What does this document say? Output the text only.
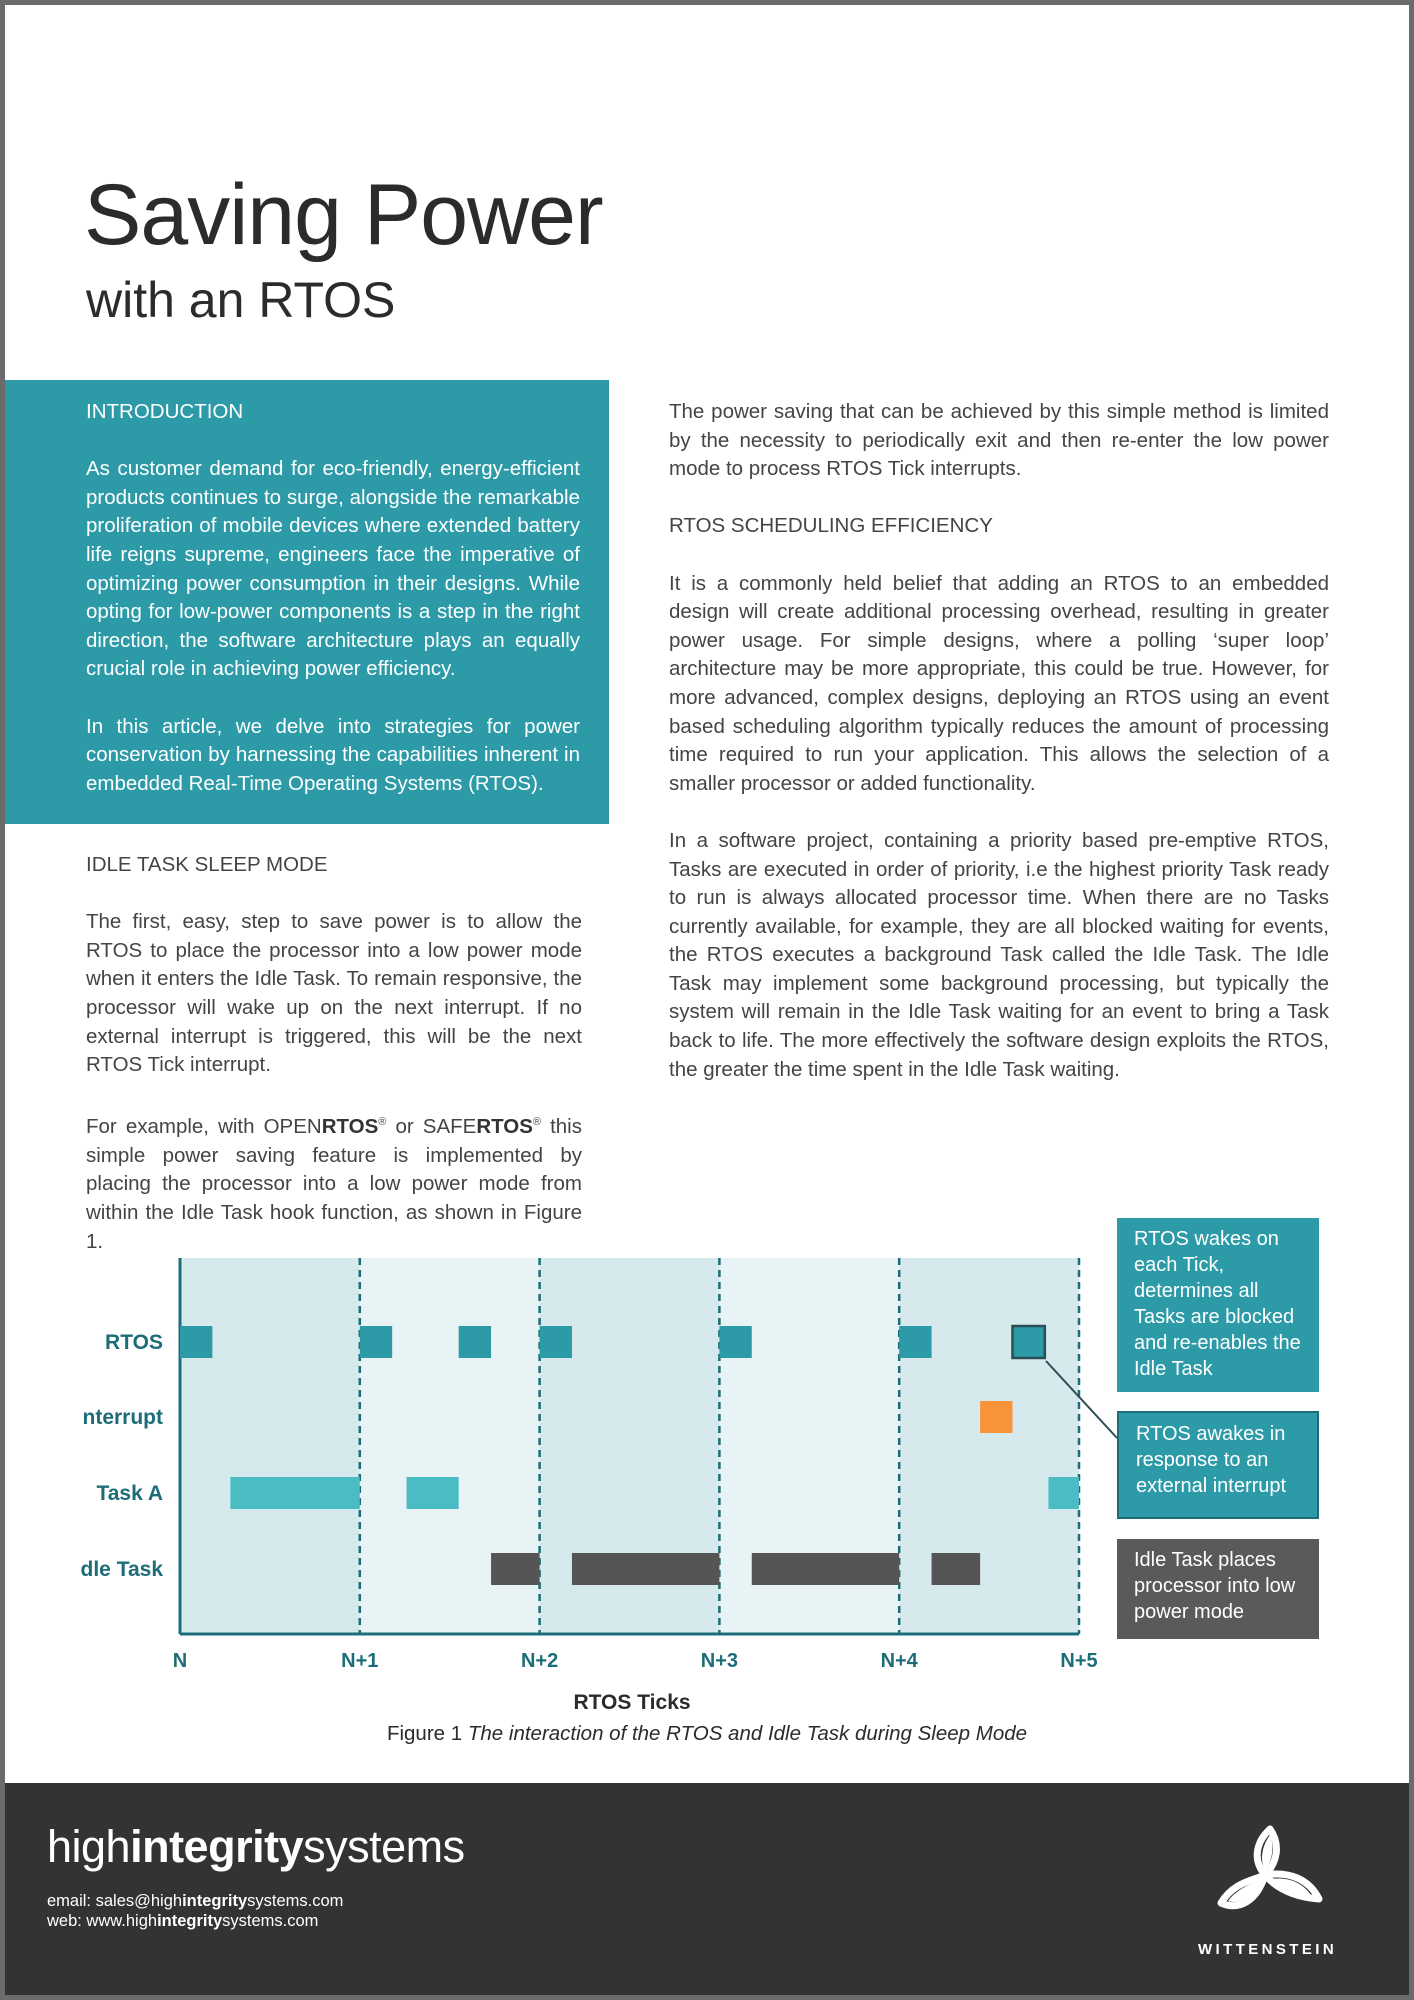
Saving Power
with an RTOS

INTRODUCTION

As customer demand for eco-friendly, energy-efficient products continues to surge, alongside the remarkable proliferation of mobile devices where extended battery life reigns supreme, engineers face the imperative of optimizing power consumption in their designs. While opting for low-power components is a step in the right direction, the software architecture plays an equally crucial role in achieving power efficiency.

In this article, we delve into strategies for power conservation by harnessing the capabilities inherent in embedded Real-Time Operating Systems (RTOS).

IDLE TASK SLEEP MODE

The first, easy, step to save power is to allow the RTOS to place the processor into a low power mode when it enters the Idle Task. To remain responsive, the processor will wake up on the next interrupt. If no external interrupt is triggered, this will be the next RTOS Tick interrupt.

For example, with OPENRTOS® or SAFERTOS® this simple power saving feature is implemented by placing the processor into a low power mode from within the Idle Task hook function, as shown in Figure 1.

The power saving that can be achieved by this simple method is limited by the necessity to periodically exit and then re-enter the low power mode to process RTOS Tick interrupts.

RTOS SCHEDULING EFFICIENCY

It is a commonly held belief that adding an RTOS to an embedded design will create additional processing overhead, resulting in greater power usage. For simple designs, where a polling ‘super loop’ architecture may be more appropriate, this could be true. However, for more advanced, complex designs, deploying an RTOS using an event based scheduling algorithm typically reduces the amount of processing time required to run your application. This allows the selection of a smaller processor or added functionality.

In a software project, containing a priority based pre-emptive RTOS, Tasks are executed in order of priority, i.e the highest priority Task ready to run is always allocated processor time. When there are no Tasks currently available, for example, they are all blocked waiting for events, the RTOS executes a background Task called the Idle Task. The Idle Task may implement some background processing, but typically the system will remain in the Idle Task waiting for an event to bring a Task back to life. The more effectively the software design exploits the RTOS, the greater the time spent in the Idle Task waiting.

RTOS
nterrupt
Task A
dle Task
N	N+1	N+2	N+3	N+4	N+5
RTOS Ticks
RTOS wakes on each Tick, determines all Tasks are blocked and re-enables the Idle Task
RTOS awakes in response to an external interrupt
Idle Task places processor into low power mode
Figure 1 The interaction of the RTOS and Idle Task during Sleep Mode
highintegritysystems
email: sales@highintegritysystems.com
web: www.highintegritysystems.com
WITTENSTEIN
